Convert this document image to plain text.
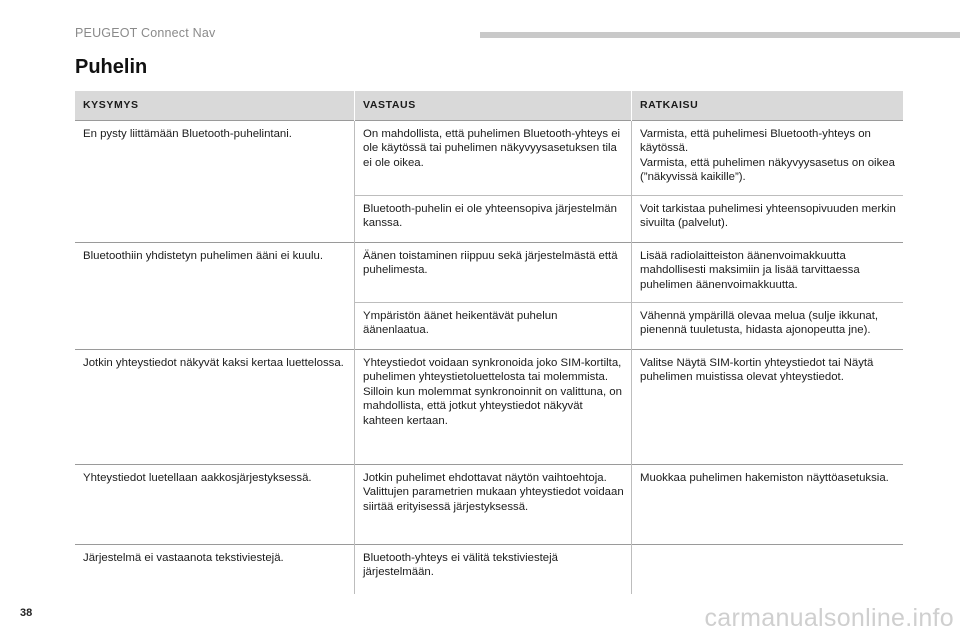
PEUGEOT Connect Nav
Puhelin
KYSYMYS	VASTAUS	RATKAISU
En pysty liittämään Bluetooth-puhelintani.	On mahdollista, että puhelimen Bluetooth-yhteys ei ole käytössä tai puhelimen näkyvyysasetuksen tila ei ole oikea.	Varmista, että puhelimesi Bluetooth-yhteys on käytössä.
Varmista, että puhelimen näkyvyysasetus on oikea (”näkyvissä kaikille”).
	Bluetooth-puhelin ei ole yhteensopiva järjestelmän kanssa.	Voit tarkistaa puhelimesi yhteensopivuuden merkin sivuilta (palvelut).
Bluetoothiin yhdistetyn puhelimen ääni ei kuulu.	Äänen toistaminen riippuu sekä järjestelmästä että puhelimesta.	Lisää radiolaitteiston äänenvoimakkuutta mahdollisesti maksimiin ja lisää tarvittaessa puhelimen äänenvoimakkuutta.
	Ympäristön äänet heikentävät puhelun äänenlaatua.	Vähennä ympärillä olevaa melua (sulje ikkunat, pienennä tuuletusta, hidasta ajonopeutta jne).
Jotkin yhteystiedot näkyvät kaksi kertaa luettelossa.	Yhteystiedot voidaan synkronoida joko SIM-kortilta, puhelimen yhteystietoluettelosta tai molemmista. Silloin kun molemmat synkronoinnit on valittuna, on mahdollista, että jotkut yhteystiedot näkyvät kahteen kertaan.	Valitse Näytä SIM-kortin yhteystiedot tai Näytä puhelimen muistissa olevat yhteystiedot.
Yhteystiedot luetellaan aakkosjärjestyksessä.	Jotkin puhelimet ehdottavat näytön vaihtoehtoja. Valittujen parametrien mukaan yhteystiedot voidaan siirtää erityisessä järjestyksessä.	Muokkaa puhelimen hakemiston näyttöasetuksia.
Järjestelmä ei vastaanota tekstiviestejä.	Bluetooth-yhteys ei välitä tekstiviestejä järjestelmään.	
38	carmanualsonline.info
